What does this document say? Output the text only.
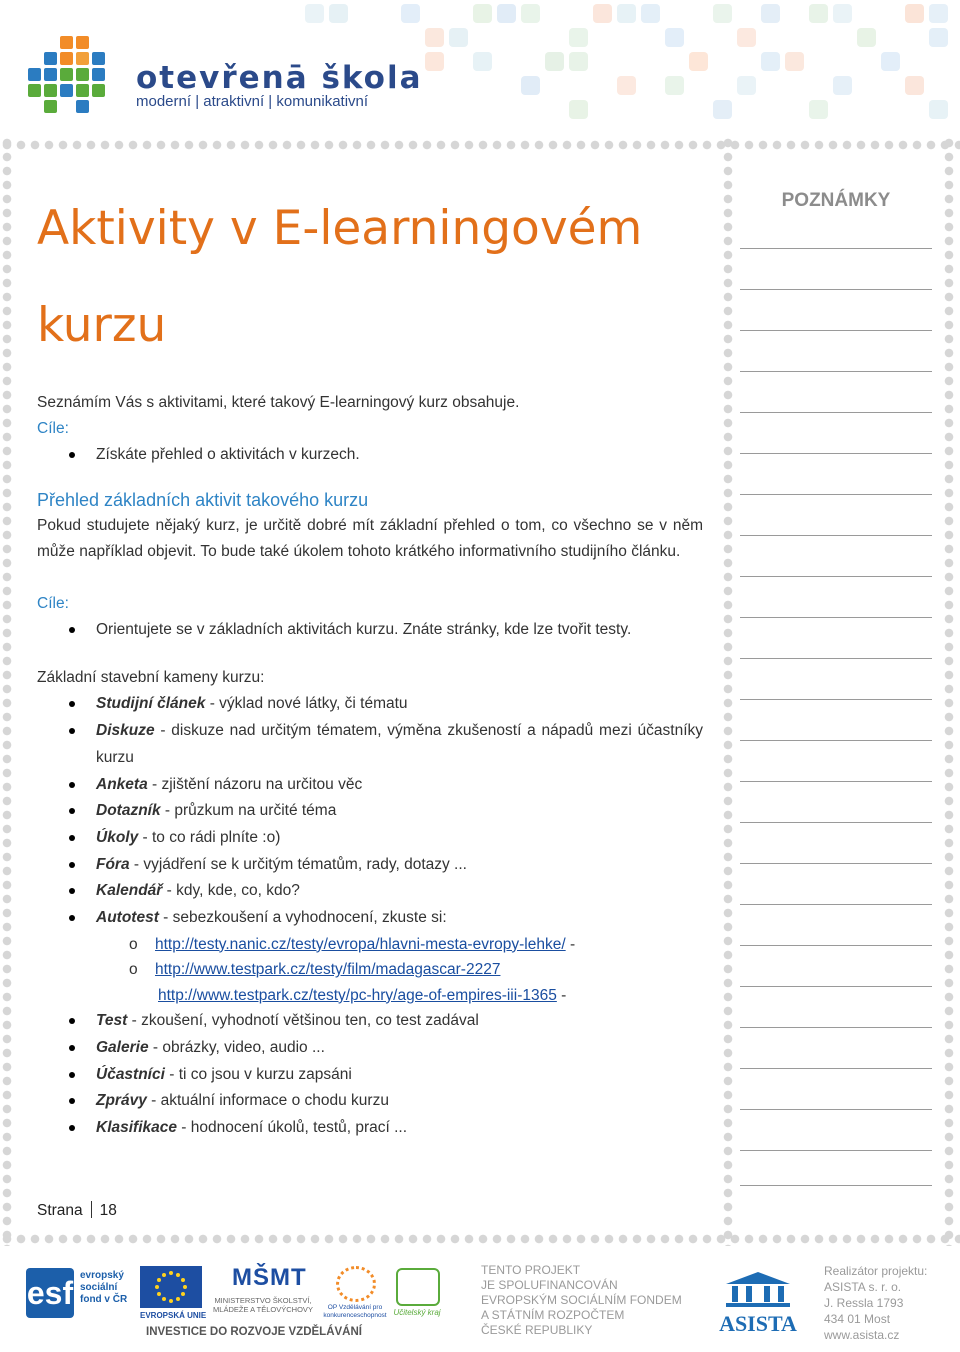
otevřenā škola
moderní | atraktivní | komunikativní
Aktivity v E-learningovém
kurzu

Seznámím Vás s aktivitami, které takový E-learningový kurz obsahuje.

Cíle:
Získáte přehled o aktivitách v kurzech.
Přehled základních aktivit takového kurzu

Pokud studujete nějaký kurz, je určitě dobré mít základní přehled o tom, co všechno se v něm může například objevit. To bude také úkolem tohoto krátkého informativního studijního článku.

Cíle:
Orientujete se v základních aktivitách kurzu. Znáte stránky, kde lze tvořit testy.

Základní stavební kameny kurzu:

Studijní článek - výklad nové látky, či tématu
Diskuze - diskuze nad určitým tématem, výměna zkušeností a nápadů mezi účastníky kurzu
Anketa - zjištění názoru na určitou věc
Dotazník - průzkum na určité téma
Úkoly - to co rádi plníte :o)
Fóra - vyjádření se k určitým tématům, rady, dotazy ...
Kalendář - kdy, kde, co, kdo?
Autotest - sebezkoušení a vyhodnocení, zkuste si:
o http://testy.nanic.cz/testy/evropa/hlavni-mesta-evropy-lehke/ -
o http://www.testpark.cz/testy/film/madagascar-2227
http://www.testpark.cz/testy/pc-hry/age-of-empires-iii-1365 -
Test - zkoušení, vyhodnotí většinou ten, co test zadával
Galerie - obrázky, video, audio ...
Účastníci - ti co jsou v kurzu zapsáni
Zprávy - aktuální informace o chodu kurzu
Klasifikace - hodnocení úkolů, testů, prací ...
POZNÁMKY
Strana 18
esf evropský sociální fond v ČR
EVROPSKÁ UNIE
MŠMT
MINISTERSTVO ŠKOLSTVÍ, MLÁDEŽE A TĚLOVÝCHOVY	OP Vzdělávání pro konkurenceschopnost Učitelský kraj
INVESTICE DO ROZVOJE VZDĚLÁVÁNÍ
TENTO PROJEKT
JE SPOLUFINANCOVÁN
EVROPSKÝM SOCIÁLNÍM FONDEM
A STÁTNÍM ROZPOČTEM
ČESKÉ REPUBLIKY	ASISTA
Realizátor projektu:
ASISTA s. r. o.
J. Ressla 1793
434 01 Most
www.asista.cz
